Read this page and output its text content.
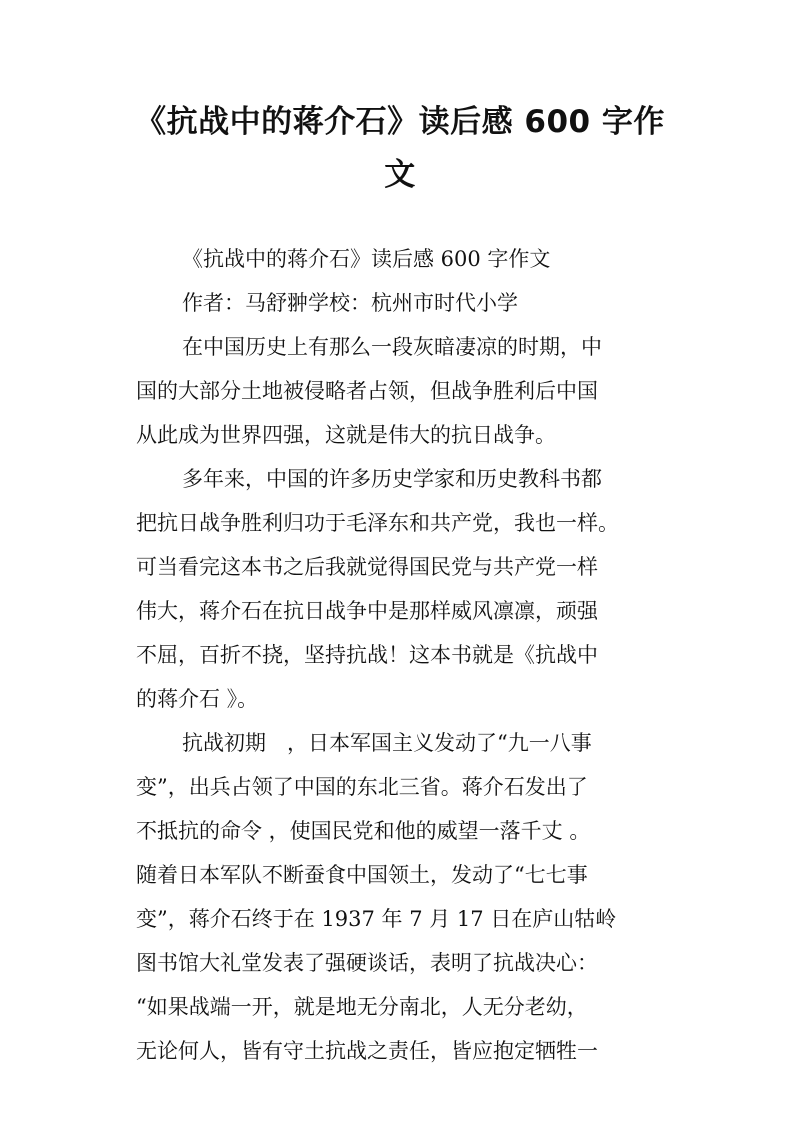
《抗战中的蒋介石》读后感 600 字作
文
《抗战中的蒋介石》读后感 600 字作文
作者：马舒翀学校：杭州市时代小学
在中国历史上有那么一段灰暗凄凉的时期，中
国的大部分土地被侵略者占领，但战争胜利后中国
从此成为世界四强，这就是伟大的抗日战争。
多年来，中国的许多历史学家和历史教科书都
把抗日战争胜利归功于毛泽东和共产党，我也一样。
可当看完这本书之后我就觉得国民党与共产党一样
伟大，蒋介石在抗日战争中是那样威风凛凛，顽强
不屈，百折不挠，坚持抗战！这本书就是《抗战中
的蒋介石 》。
抗战初期　，日本军国主义发动了“九一八事
变”，出兵占领了中国的东北三省。蒋介石发出了
不抵抗的命令 ，使国民党和他的威望一落千丈 。
随着日本军队不断蚕食中国领土，发动了“七七事
变”，蒋介石终于在 1937 年 7 月 17 日在庐山牯岭
图书馆大礼堂发表了强硬谈话，表明了抗战决心：
“如果战端一开，就是地无分南北，人无分老幼，
无论何人，皆有守土抗战之责任，皆应抱定牺牲一
